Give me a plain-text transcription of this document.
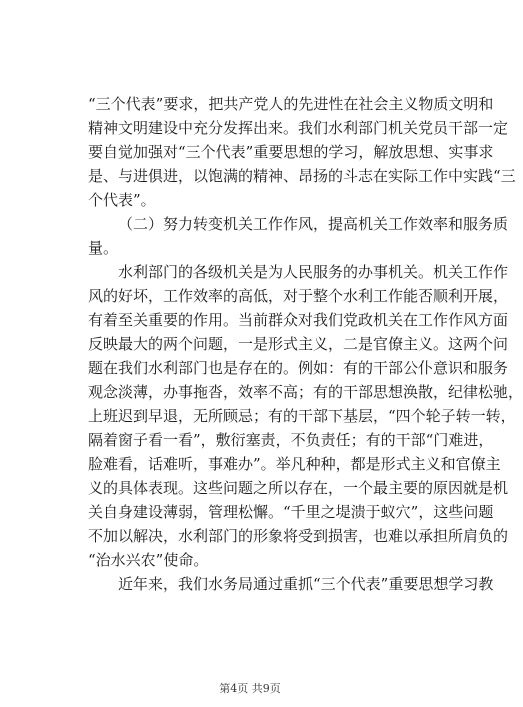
“三个代表”要求，把共产党人的先进性在社会主义物质文明和
精神文明建设中充分发挥出来。我们水利部门机关党员干部一定
要自觉加强对“三个代表”重要思想的学习，解放思想、实事求
是、与进俱进，以饱满的精神、昂扬的斗志在实际工作中实践“三
个代表”。
（二）努力转变机关工作作风，提高机关工作效率和服务质
量。
水利部门的各级机关是为人民服务的办事机关。机关工作作
风的好坏，工作效率的高低，对于整个水利工作能否顺利开展，
有着至关重要的作用。当前群众对我们党政机关在工作作风方面
反映最大的两个问题，一是形式主义，二是官僚主义。这两个问
题在我们水利部门也是存在的。例如：有的干部公仆意识和服务
观念淡薄，办事拖沓，效率不高；有的干部思想涣散，纪律松驰，
上班迟到早退，无所顾忌；有的干部下基层，“四个轮子转一转，
隔着窗子看一看”，敷衍塞责，不负责任；有的干部“门难进，
脸难看，话难听，事难办”。举凡种种，都是形式主义和官僚主
义的具体表现。这些问题之所以存在，一个最主要的原因就是机
关自身建设薄弱，管理松懈。“千里之堤溃于蚁穴”，这些问题
不加以解决，水利部门的形象将受到损害，也难以承担所肩负的
“治水兴农”使命。
近年来，我们水务局通过重抓“三个代表”重要思想学习教
第4页 共9页
